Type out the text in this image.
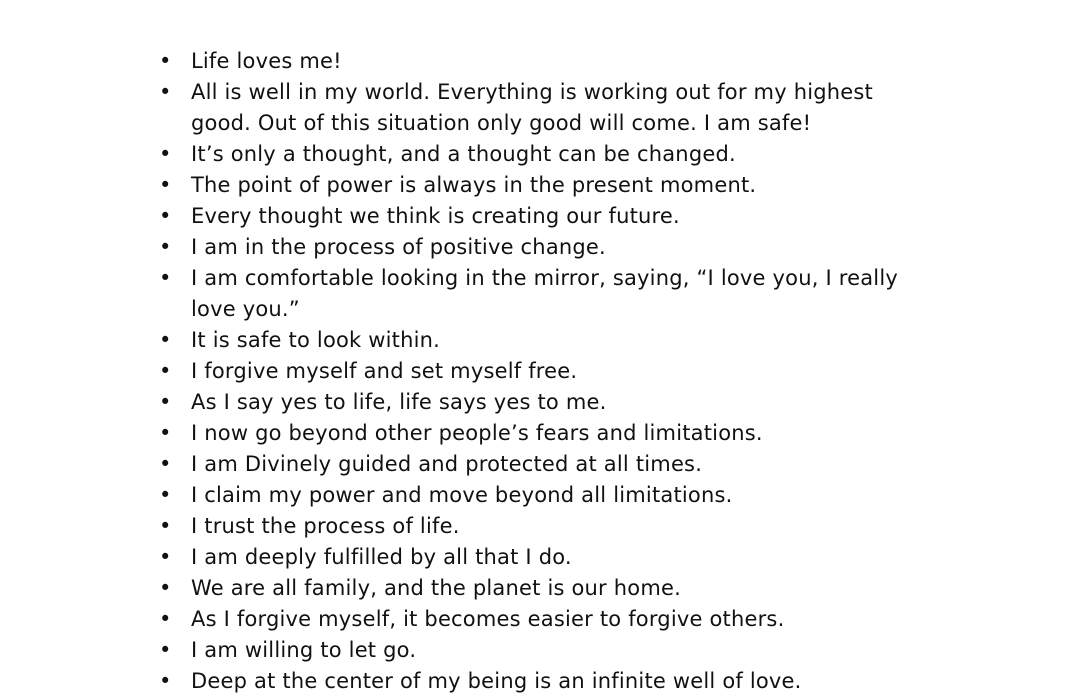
• Life loves me!
• All is well in my world. Everything is working out for my highest good. Out of this situation only good will come. I am safe!
• It’s only a thought, and a thought can be changed.
• The point of power is always in the present moment.
• Every thought we think is creating our future.
• I am in the process of positive change.
• I am comfortable looking in the mirror, saying, “I love you, I really love you.”
• It is safe to look within.
• I forgive myself and set myself free.
• As I say yes to life, life says yes to me.
• I now go beyond other people’s fears and limitations.
• I am Divinely guided and protected at all times.
• I claim my power and move beyond all limitations.
• I trust the process of life.
• I am deeply fulfilled by all that I do.
• We are all family, and the planet is our home.
• As I forgive myself, it becomes easier to forgive others.
• I am willing to let go.
• Deep at the center of my being is an infinite well of love.
